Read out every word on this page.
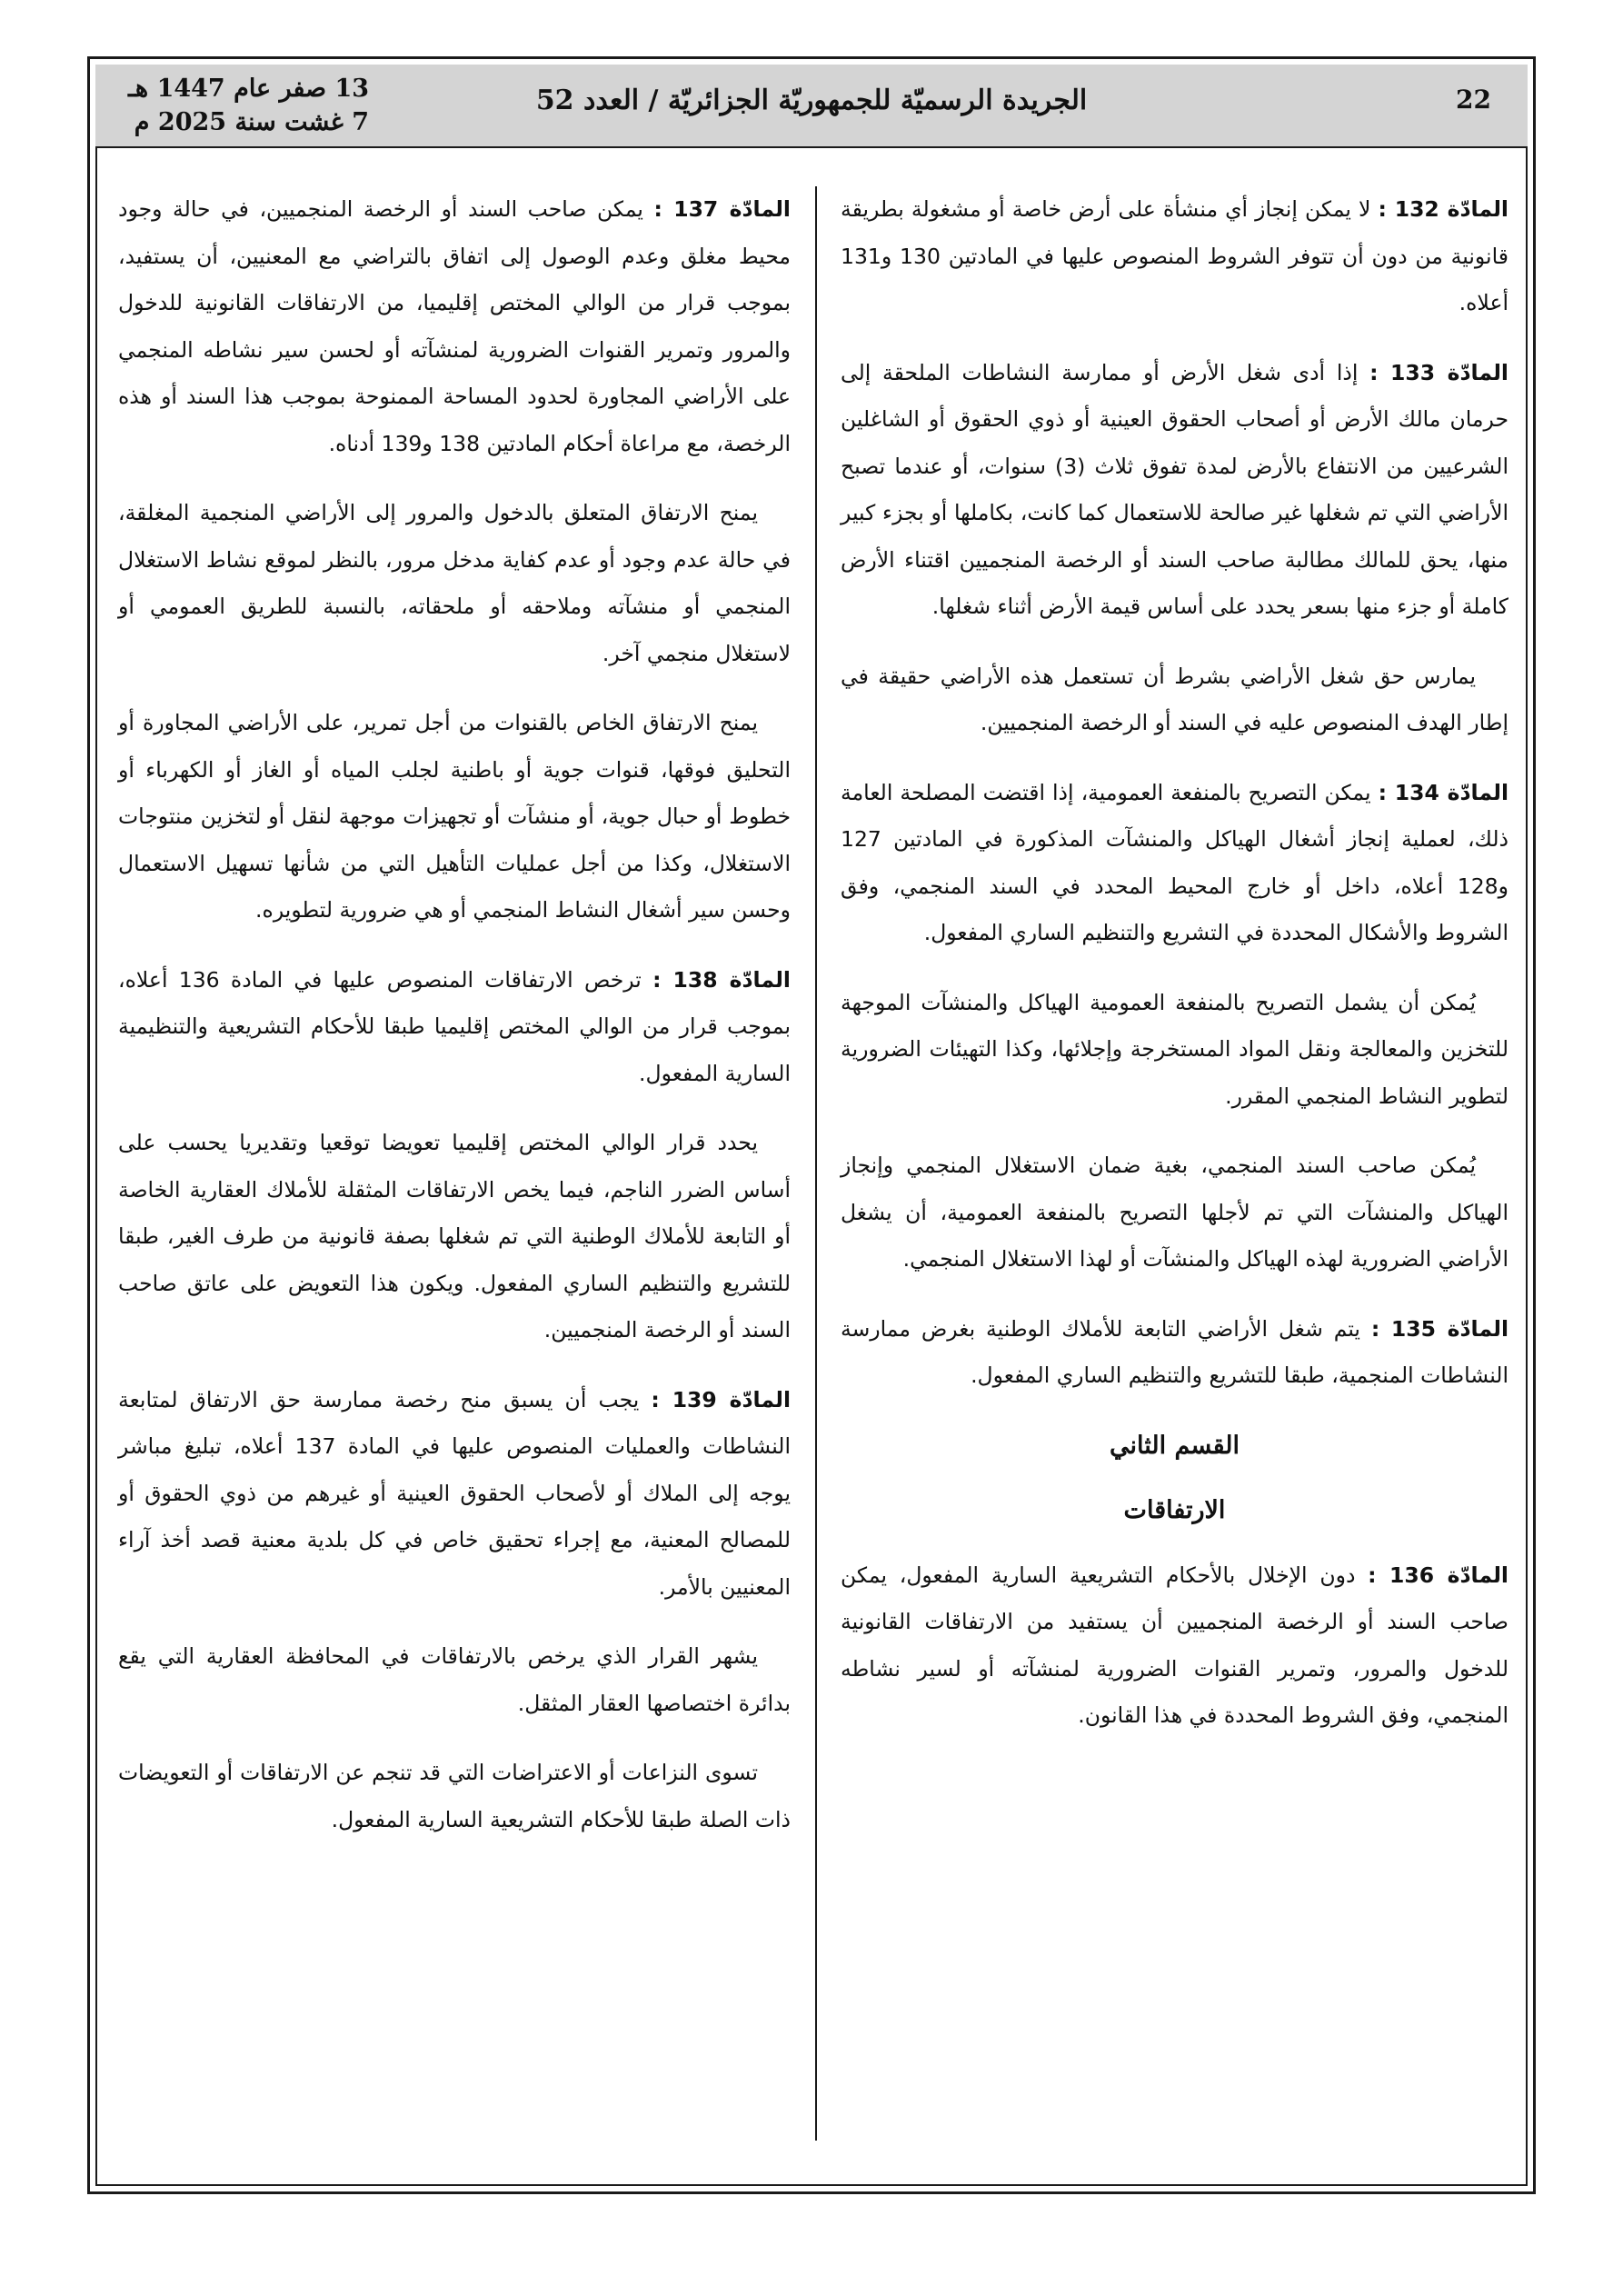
22
الجريدة الرسميّة للجمهوريّة الجزائريّة / العدد 52
13 صفر عام 1447 هـ
7 غشت سنة 2025 م

المادّة 132 : لا يمكن إنجاز أي منشأة على أرض خاصة أو مشغولة بطريقة قانونية من دون أن تتوفر الشروط المنصوص عليها في المادتين 130 و131 أعلاه.

المادّة 133 : إذا أدى شغل الأرض أو ممارسة النشاطات الملحقة إلى حرمان مالك الأرض أو أصحاب الحقوق العينية أو ذوي الحقوق أو الشاغلين الشرعيين من الانتفاع بالأرض لمدة تفوق ثلاث (3) سنوات، أو عندما تصبح الأراضي التي تم شغلها غير صالحة للاستعمال كما كانت، بكاملها أو بجزء كبير منها، يحق للمالك مطالبة صاحب السند أو الرخصة المنجميين اقتناء الأرض كاملة أو جزء منها بسعر يحدد على أساس قيمة الأرض أثناء شغلها.

يمارس حق شغل الأراضي بشرط أن تستعمل هذه الأراضي حقيقة في إطار الهدف المنصوص عليه في السند أو الرخصة المنجميين.

المادّة 134 : يمكن التصريح بالمنفعة العمومية، إذا اقتضت المصلحة العامة ذلك، لعملية إنجاز أشغال الهياكل والمنشآت المذكورة في المادتين 127 و128 أعلاه، داخل أو خارج المحيط المحدد في السند المنجمي، وفق الشروط والأشكال المحددة في التشريع والتنظيم الساري المفعول.

يُمكن أن يشمل التصريح بالمنفعة العمومية الهياكل والمنشآت الموجهة للتخزين والمعالجة ونقل المواد المستخرجة وإجلائها، وكذا التهيئات الضرورية لتطوير النشاط المنجمي المقرر.

يُمكن صاحب السند المنجمي، بغية ضمان الاستغلال المنجمي وإنجاز الهياكل والمنشآت التي تم لأجلها التصريح بالمنفعة العمومية، أن يشغل الأراضي الضرورية لهذه الهياكل والمنشآت أو لهذا الاستغلال المنجمي.

المادّة 135 : يتم شغل الأراضي التابعة للأملاك الوطنية بغرض ممارسة النشاطات المنجمية، طبقا للتشريع والتنظيم الساري المفعول.

القسم الثاني
الارتفاقات

المادّة 136 : دون الإخلال بالأحكام التشريعية السارية المفعول، يمكن صاحب السند أو الرخصة المنجميين أن يستفيد من الارتفاقات القانونية للدخول والمرور، وتمرير القنوات الضرورية لمنشآته أو لسير نشاطه المنجمي، وفق الشروط المحددة في هذا القانون.

المادّة 137 : يمكن صاحب السند أو الرخصة المنجميين، في حالة وجود محيط مغلق وعدم الوصول إلى اتفاق بالتراضي مع المعنيين، أن يستفيد، بموجب قرار من الوالي المختص إقليميا، من الارتفاقات القانونية للدخول والمرور وتمرير القنوات الضرورية لمنشآته أو لحسن سير نشاطه المنجمي على الأراضي المجاورة لحدود المساحة الممنوحة بموجب هذا السند أو هذه الرخصة، مع مراعاة أحكام المادتين 138 و139 أدناه.

يمنح الارتفاق المتعلق بالدخول والمرور إلى الأراضي المنجمية المغلقة، في حالة عدم وجود أو عدم كفاية مدخل مرور، بالنظر لموقع نشاط الاستغلال المنجمي أو منشآته وملاحقه أو ملحقاته، بالنسبة للطريق العمومي أو لاستغلال منجمي آخر.

يمنح الارتفاق الخاص بالقنوات من أجل تمرير، على الأراضي المجاورة أو التحليق فوقها، قنوات جوية أو باطنية لجلب المياه أو الغاز أو الكهرباء أو خطوط أو حبال جوية، أو منشآت أو تجهيزات موجهة لنقل أو لتخزين منتوجات الاستغلال، وكذا من أجل عمليات التأهيل التي من شأنها تسهيل الاستعمال وحسن سير أشغال النشاط المنجمي أو هي ضرورية لتطويره.

المادّة 138 : ترخص الارتفاقات المنصوص عليها في المادة 136 أعلاه، بموجب قرار من الوالي المختص إقليميا طبقا للأحكام التشريعية والتنظيمية السارية المفعول.

يحدد قرار الوالي المختص إقليميا تعويضا توقعيا وتقديريا يحسب على أساس الضرر الناجم، فيما يخص الارتفاقات المثقلة للأملاك العقارية الخاصة أو التابعة للأملاك الوطنية التي تم شغلها بصفة قانونية من طرف الغير، طبقا للتشريع والتنظيم الساري المفعول. ويكون هذا التعويض على عاتق صاحب السند أو الرخصة المنجميين.

المادّة 139 : يجب أن يسبق منح رخصة ممارسة حق الارتفاق لمتابعة النشاطات والعمليات المنصوص عليها في المادة 137 أعلاه، تبليغ مباشر يوجه إلى الملاك أو لأصحاب الحقوق العينية أو غيرهم من ذوي الحقوق أو للمصالح المعنية، مع إجراء تحقيق خاص في كل بلدية معنية قصد أخذ آراء المعنيين بالأمر.

يشهر القرار الذي يرخص بالارتفاقات في المحافظة العقارية التي يقع بدائرة اختصاصها العقار المثقل.

تسوى النزاعات أو الاعتراضات التي قد تنجم عن الارتفاقات أو التعويضات ذات الصلة طبقا للأحكام التشريعية السارية المفعول.
